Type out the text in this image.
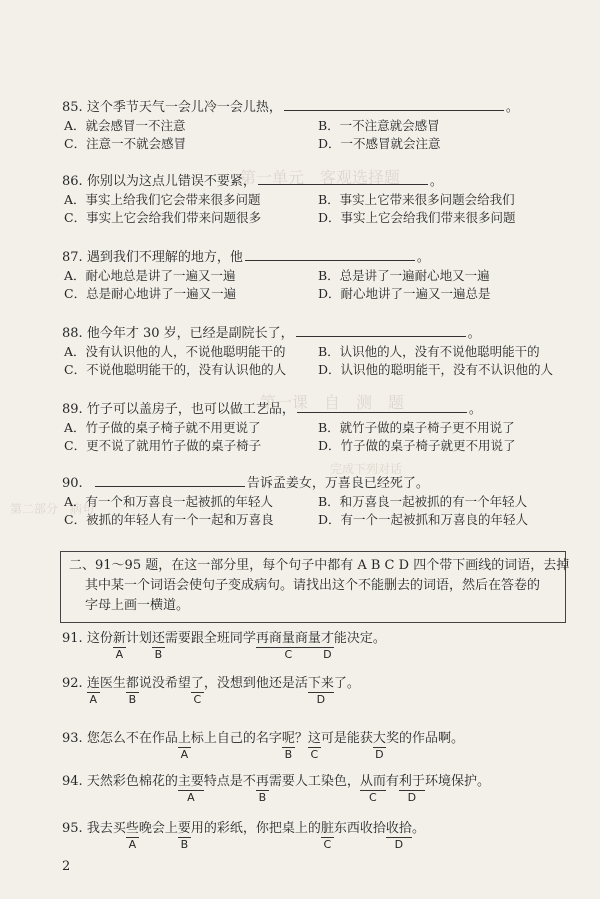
第一单元　客观选择题
第一课　自　测　题
第二部分　病句
完成下列对话
85. 这个季节天气一会儿冷一会儿热，	。
A．就会感冒一不注意	B．一不注意就会感冒
C．注意一不就会感冒	D．一不感冒就会注意
86. 你别以为这点儿错误不要紧，	。
A．事实上给我们它会带来很多问题	B．事实上它带来很多问题会给我们
C．事实上它会给我们带来问题很多	D．事实上它会给我们带来很多问题
87. 遇到我们不理解的地方，他	。
A．耐心地总是讲了一遍又一遍	B．总是讲了一遍耐心地又一遍
C．总是耐心地讲了一遍又一遍	D．耐心地讲了一遍又一遍总是
88. 他今年才 30 岁，已经是副院长了，	。
A．没有认识他的人，不说他聪明能干的	B．认识他的人，没有不说他聪明能干的
C．不说他聪明能干的，没有认识他的人	D．认识他的聪明能干，没有不认识他的人
89. 竹子可以盖房子，也可以做工艺品，	。
A．竹子做的桌子椅子就不用更说了	B．就竹子做的桌子椅子更不用说了
C．更不说了就用竹子做的桌子椅子	D．竹子做的桌子椅子就更不用说了
90.	告诉孟姜女，万喜良已经死了。
A．有一个和万喜良一起被抓的年轻人	B．和万喜良一起被抓的有一个年轻人
C．被抓的年轻人有一个一起和万喜良	D．有一个一起被抓和万喜良的年轻人
二、91～95 题，在这一部分里，每个句子中都有 A B C D 四个带下画线的词语，去掉
其中某一个词语会使句子变成病句。请找出这个不能删去的词语，然后在答卷的
字母上画一横道。
91. 这份新
A
计划还
B
需要跟全班同学再商量商量
C
才
D
能决定。
92. 连
A
医生都
B
说没希望了
C
，没想到他还是活下来
D
了。
93. 您怎么不在作品上
A
标上自己的名字呢
B
？这
C
可是能获大
D
奖的作品啊。
94. 天然彩色棉花的主要
A
特点是不再
B
需要人工染色，从而
C
有利于
D
环境保护。
95. 我去买些
A
晚会上要
B
用的彩纸，你把桌上的脏
C
东西收拾收拾
D
。
2
